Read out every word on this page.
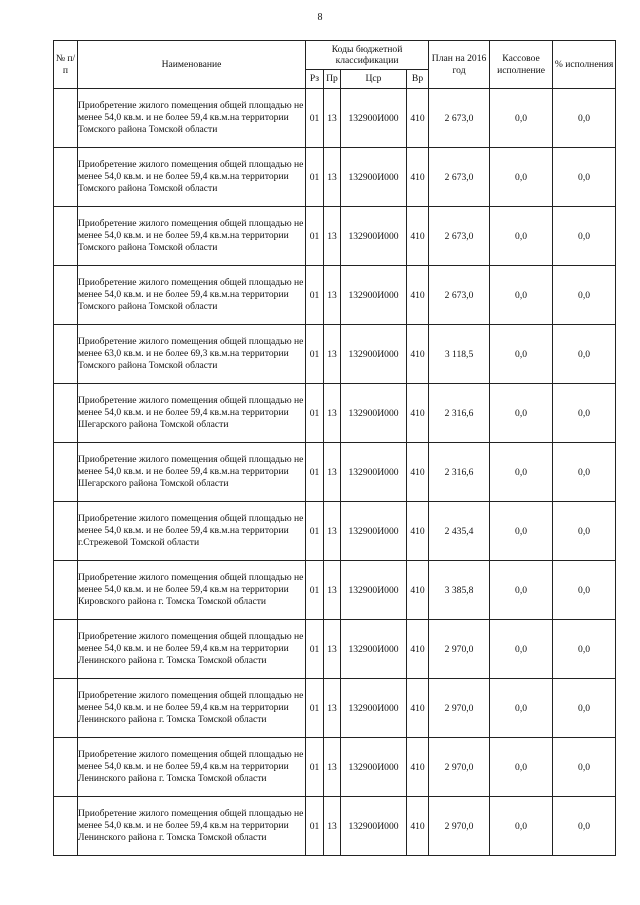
8
№ п/п	Наименование	Коды бюджетной классификации				План на 2016 год	Кассовое исполнение	% исполнения
		Рз	Пр	Цср	Вр			
	Приобретение жилого помещения общей площадью не менее 54,0 кв.м. и не более 59,4 кв.м.на территории Томского района Томской области	01	13	132900И000	410	2 673,0	0,0	0,0
	Приобретение жилого помещения общей площадью не менее 54,0 кв.м. и не более 59,4 кв.м.на территории Томского района Томской области	01	13	132900И000	410	2 673,0	0,0	0,0
	Приобретение жилого помещения общей площадью не менее 54,0 кв.м. и не более 59,4 кв.м.на территории Томского района Томской области	01	13	132900И000	410	2 673,0	0,0	0,0
	Приобретение жилого помещения общей площадью не менее 54,0 кв.м. и не более 59,4 кв.м.на территории Томского района Томской области	01	13	132900И000	410	2 673,0	0,0	0,0
	Приобретение жилого помещения общей площадью не менее 63,0 кв.м. и не более 69,3 кв.м.на территории Томского района Томской области	01	13	132900И000	410	3 118,5	0,0	0,0
	Приобретение жилого помещения общей площадью не менее 54,0 кв.м. и не более 59,4 кв.м.на территории Шегарского района Томской области	01	13	132900И000	410	2 316,6	0,0	0,0
	Приобретение жилого помещения общей площадью не менее 54,0 кв.м. и не более 59,4 кв.м.на территории Шегарского района Томской области	01	13	132900И000	410	2 316,6	0,0	0,0
	Приобретение жилого помещения общей площадью не менее 54,0 кв.м. и не более 59,4 кв.м.на территории г.Стрежевой Томской области	01	13	132900И000	410	2 435,4	0,0	0,0
	Приобретение жилого помещения общей площадью не менее 54,0 кв.м. и не более 59,4 кв.м на территории Кировского района г. Томска Томской области	01	13	132900И000	410	3 385,8	0,0	0,0
	Приобретение жилого помещения общей площадью не менее 54,0 кв.м. и не более 59,4 кв.м на территории Ленинского района г. Томска Томской области	01	13	132900И000	410	2 970,0	0,0	0,0
	Приобретение жилого помещения общей площадью не менее 54,0 кв.м. и не более 59,4 кв.м на территории Ленинского района г. Томска Томской области	01	13	132900И000	410	2 970,0	0,0	0,0
	Приобретение жилого помещения общей площадью не менее 54,0 кв.м. и не более 59,4 кв.м на территории Ленинского района г. Томска Томской области	01	13	132900И000	410	2 970,0	0,0	0,0
	Приобретение жилого помещения общей площадью не менее 54,0 кв.м. и не более 59,4 кв.м на территории Ленинского района г. Томска Томской области	01	13	132900И000	410	2 970,0	0,0	0,0
